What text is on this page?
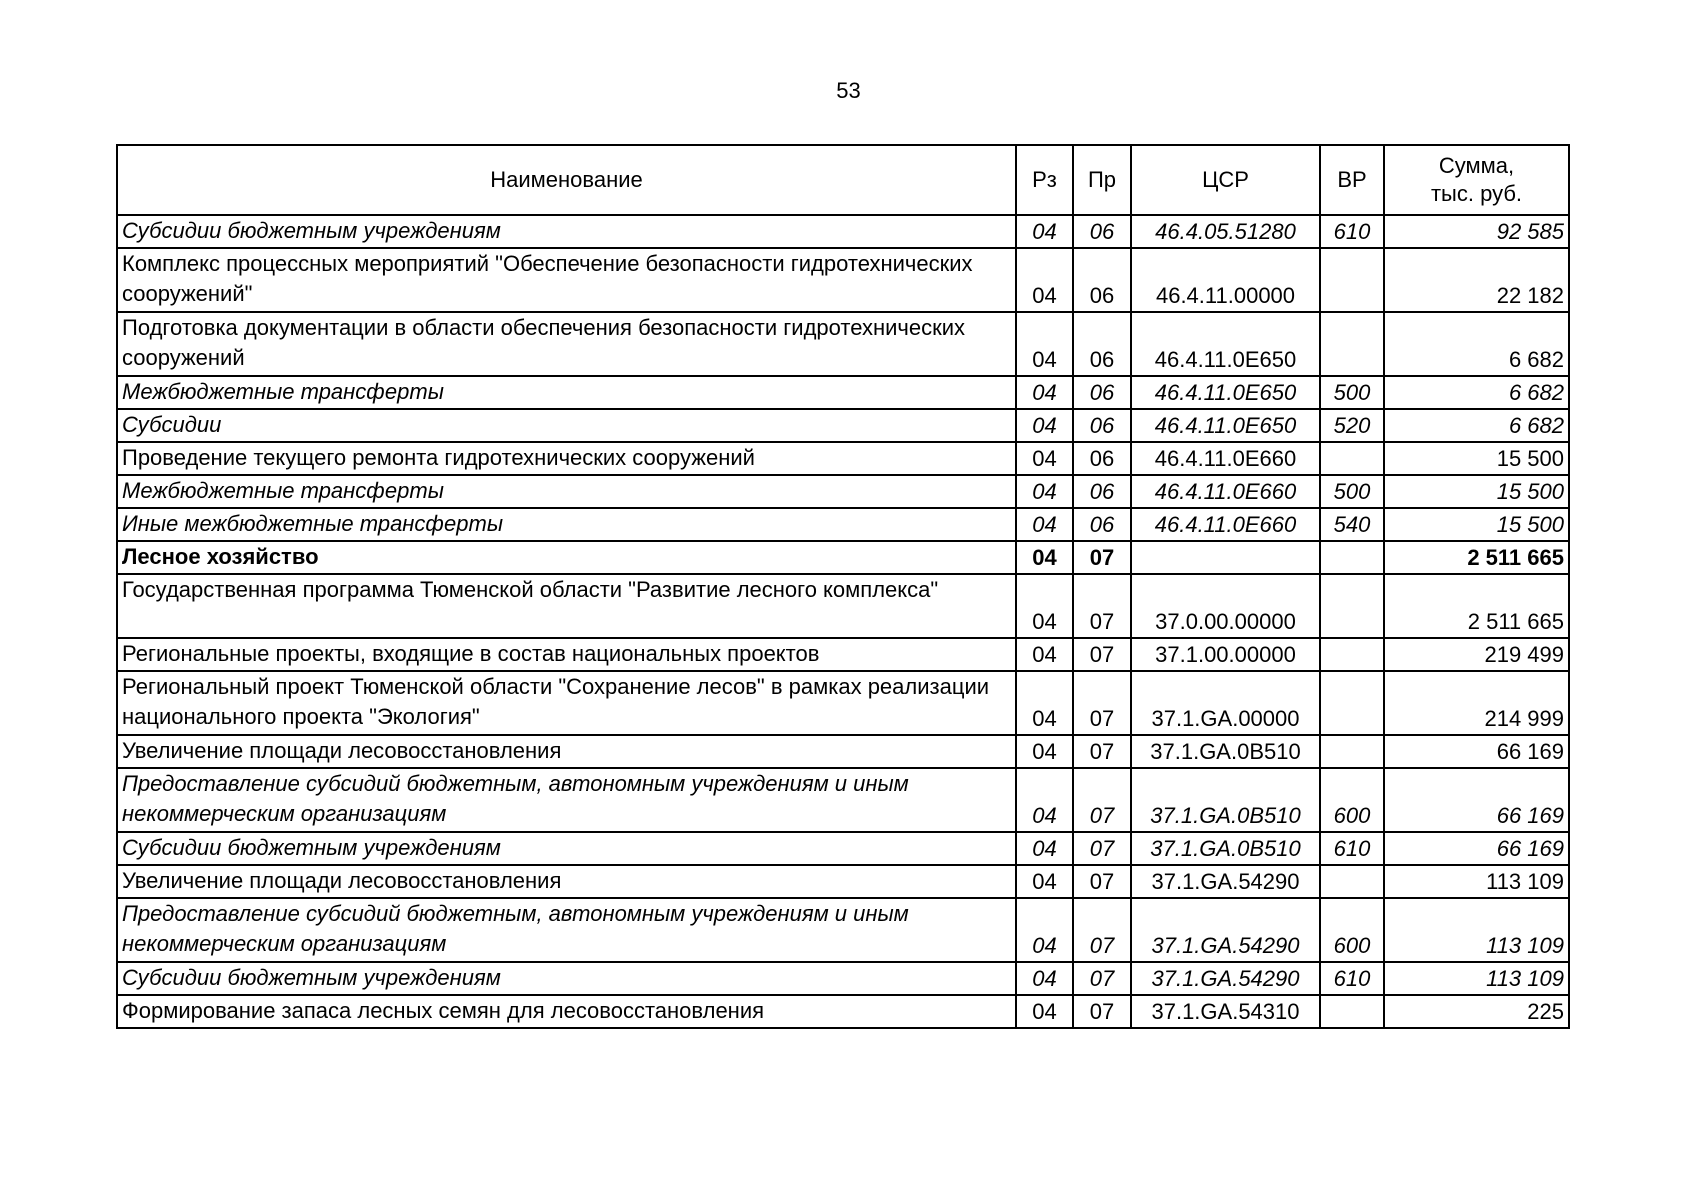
53
Наименование	Рз	Пр	ЦСР	ВР	Сумма,
тыс. руб.
Субсидии бюджетным учреждениям	04	06	46.4.05.51280	610	92 585
Комплекс процессных мероприятий "Обеспечение безопасности гидротехнических сооружений"	04	06	46.4.11.00000		22 182
Подготовка документации в области обеспечения безопасности гидротехнических сооружений	04	06	46.4.11.0Е650		6 682
Межбюджетные трансферты	04	06	46.4.11.0Е650	500	6 682
Субсидии	04	06	46.4.11.0Е650	520	6 682
Проведение текущего ремонта гидротехнических сооружений	04	06	46.4.11.0Е660		15 500
Межбюджетные трансферты	04	06	46.4.11.0Е660	500	15 500
Иные межбюджетные трансферты	04	06	46.4.11.0Е660	540	15 500
Лесное хозяйство	04	07			2 511 665
Государственная программа Тюменской области "Развитие лесного комплекса"	04	07	37.0.00.00000		2 511 665
Региональные проекты, входящие в состав национальных проектов	04	07	37.1.00.00000		219 499
Региональный проект Тюменской области "Сохранение лесов" в рамках реализации национального проекта "Экология"	04	07	37.1.GA.00000		214 999
Увеличение площади лесовосстановления	04	07	37.1.GA.0В510		66 169
Предоставление субсидий бюджетным, автономным учреждениям и иным некоммерческим организациям	04	07	37.1.GA.0В510	600	66 169
Субсидии бюджетным учреждениям	04	07	37.1.GA.0В510	610	66 169
Увеличение площади лесовосстановления	04	07	37.1.GA.54290		113 109
Предоставление субсидий бюджетным, автономным учреждениям и иным некоммерческим организациям	04	07	37.1.GA.54290	600	113 109
Субсидии бюджетным учреждениям	04	07	37.1.GA.54290	610	113 109
Формирование запаса лесных семян для лесовосстановления	04	07	37.1.GA.54310		225
